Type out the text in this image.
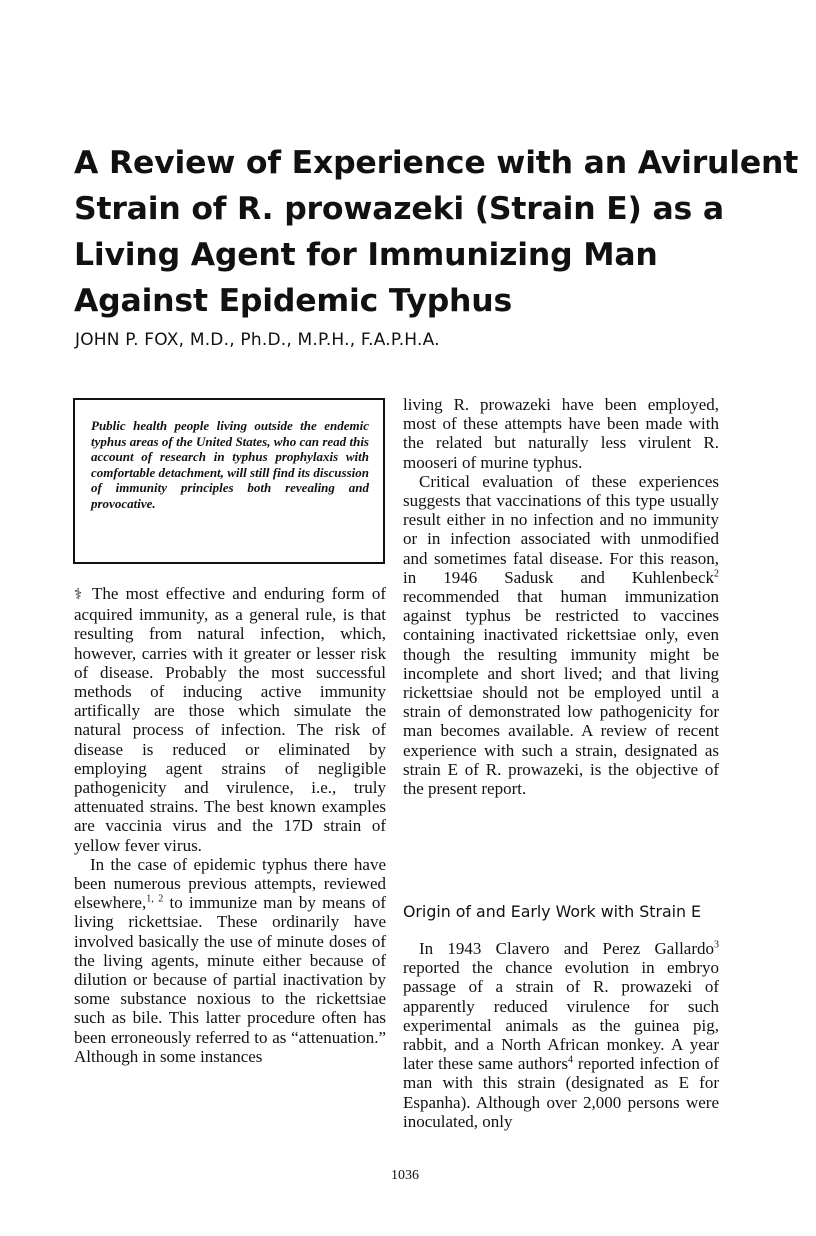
A Review of Experience with an Avirulent
Strain of R. prowazeki (Strain E) as a
Living Agent for Immunizing Man
Against Epidemic Typhus
JOHN P. FOX, M.D., Ph.D., M.P.H., F.A.P.H.A.
Public health people living outside the endemic typhus areas of the United States, who can read this account of research in typhus prophylaxis with comfortable detachment, will still find its discussion of immunity principles both revealing and provocative.

⚕ The most effective and enduring form of acquired immunity, as a general rule, is that resulting from natural infection, which, however, carries with it greater or lesser risk of disease. Probably the most successful methods of inducing active immunity artifically are those which simulate the natural process of infection. The risk of disease is reduced or eliminated by employing agent strains of negligible pathogenicity and virulence, i.e., truly attenuated strains. The best known examples are vaccinia virus and the 17D strain of yellow fever virus.

In the case of epidemic typhus there have been numerous previous attempts, reviewed elsewhere,$^{1, 2}$ to immunize man by means of living rickettsiae. These ordinarily have involved basically the use of minute doses of the living agents, minute either because of dilution or because of partial inactivation by some substance noxious to the rickettsiae such as bile. This latter procedure often has been erroneously referred to as “attenuation.” Although in some instances

living R. prowazeki have been employed, most of these attempts have been made with the related but naturally less virulent R. mooseri of murine typhus.

Critical evaluation of these experiences suggests that vaccinations of this type usually result either in no infection and no immunity or in infection associated with unmodified and sometimes fatal disease. For this reason, in 1946 Sadusk and Kuhlenbeck$^2$ recommended that human immunization against typhus be restricted to vaccines containing inactivated rickettsiae only, even though the resulting immunity might be incomplete and short lived; and that living rickettsiae should not be employed until a strain of demonstrated low pathogenicity for man becomes available. A review of recent experience with such a strain, designated as strain E of R. prowazeki, is the objective of the present report.

Origin of and Early Work with Strain E

In 1943 Clavero and Perez Gallardo$^3$ reported the chance evolution in embryo passage of a strain of R. prowazeki of apparently reduced virulence for such experimental animals as the guinea pig, rabbit, and a North African monkey. A year later these same authors$^4$ reported infection of man with this strain (designated as E for Espanha). Although over 2,000 persons were inoculated, only

1036
